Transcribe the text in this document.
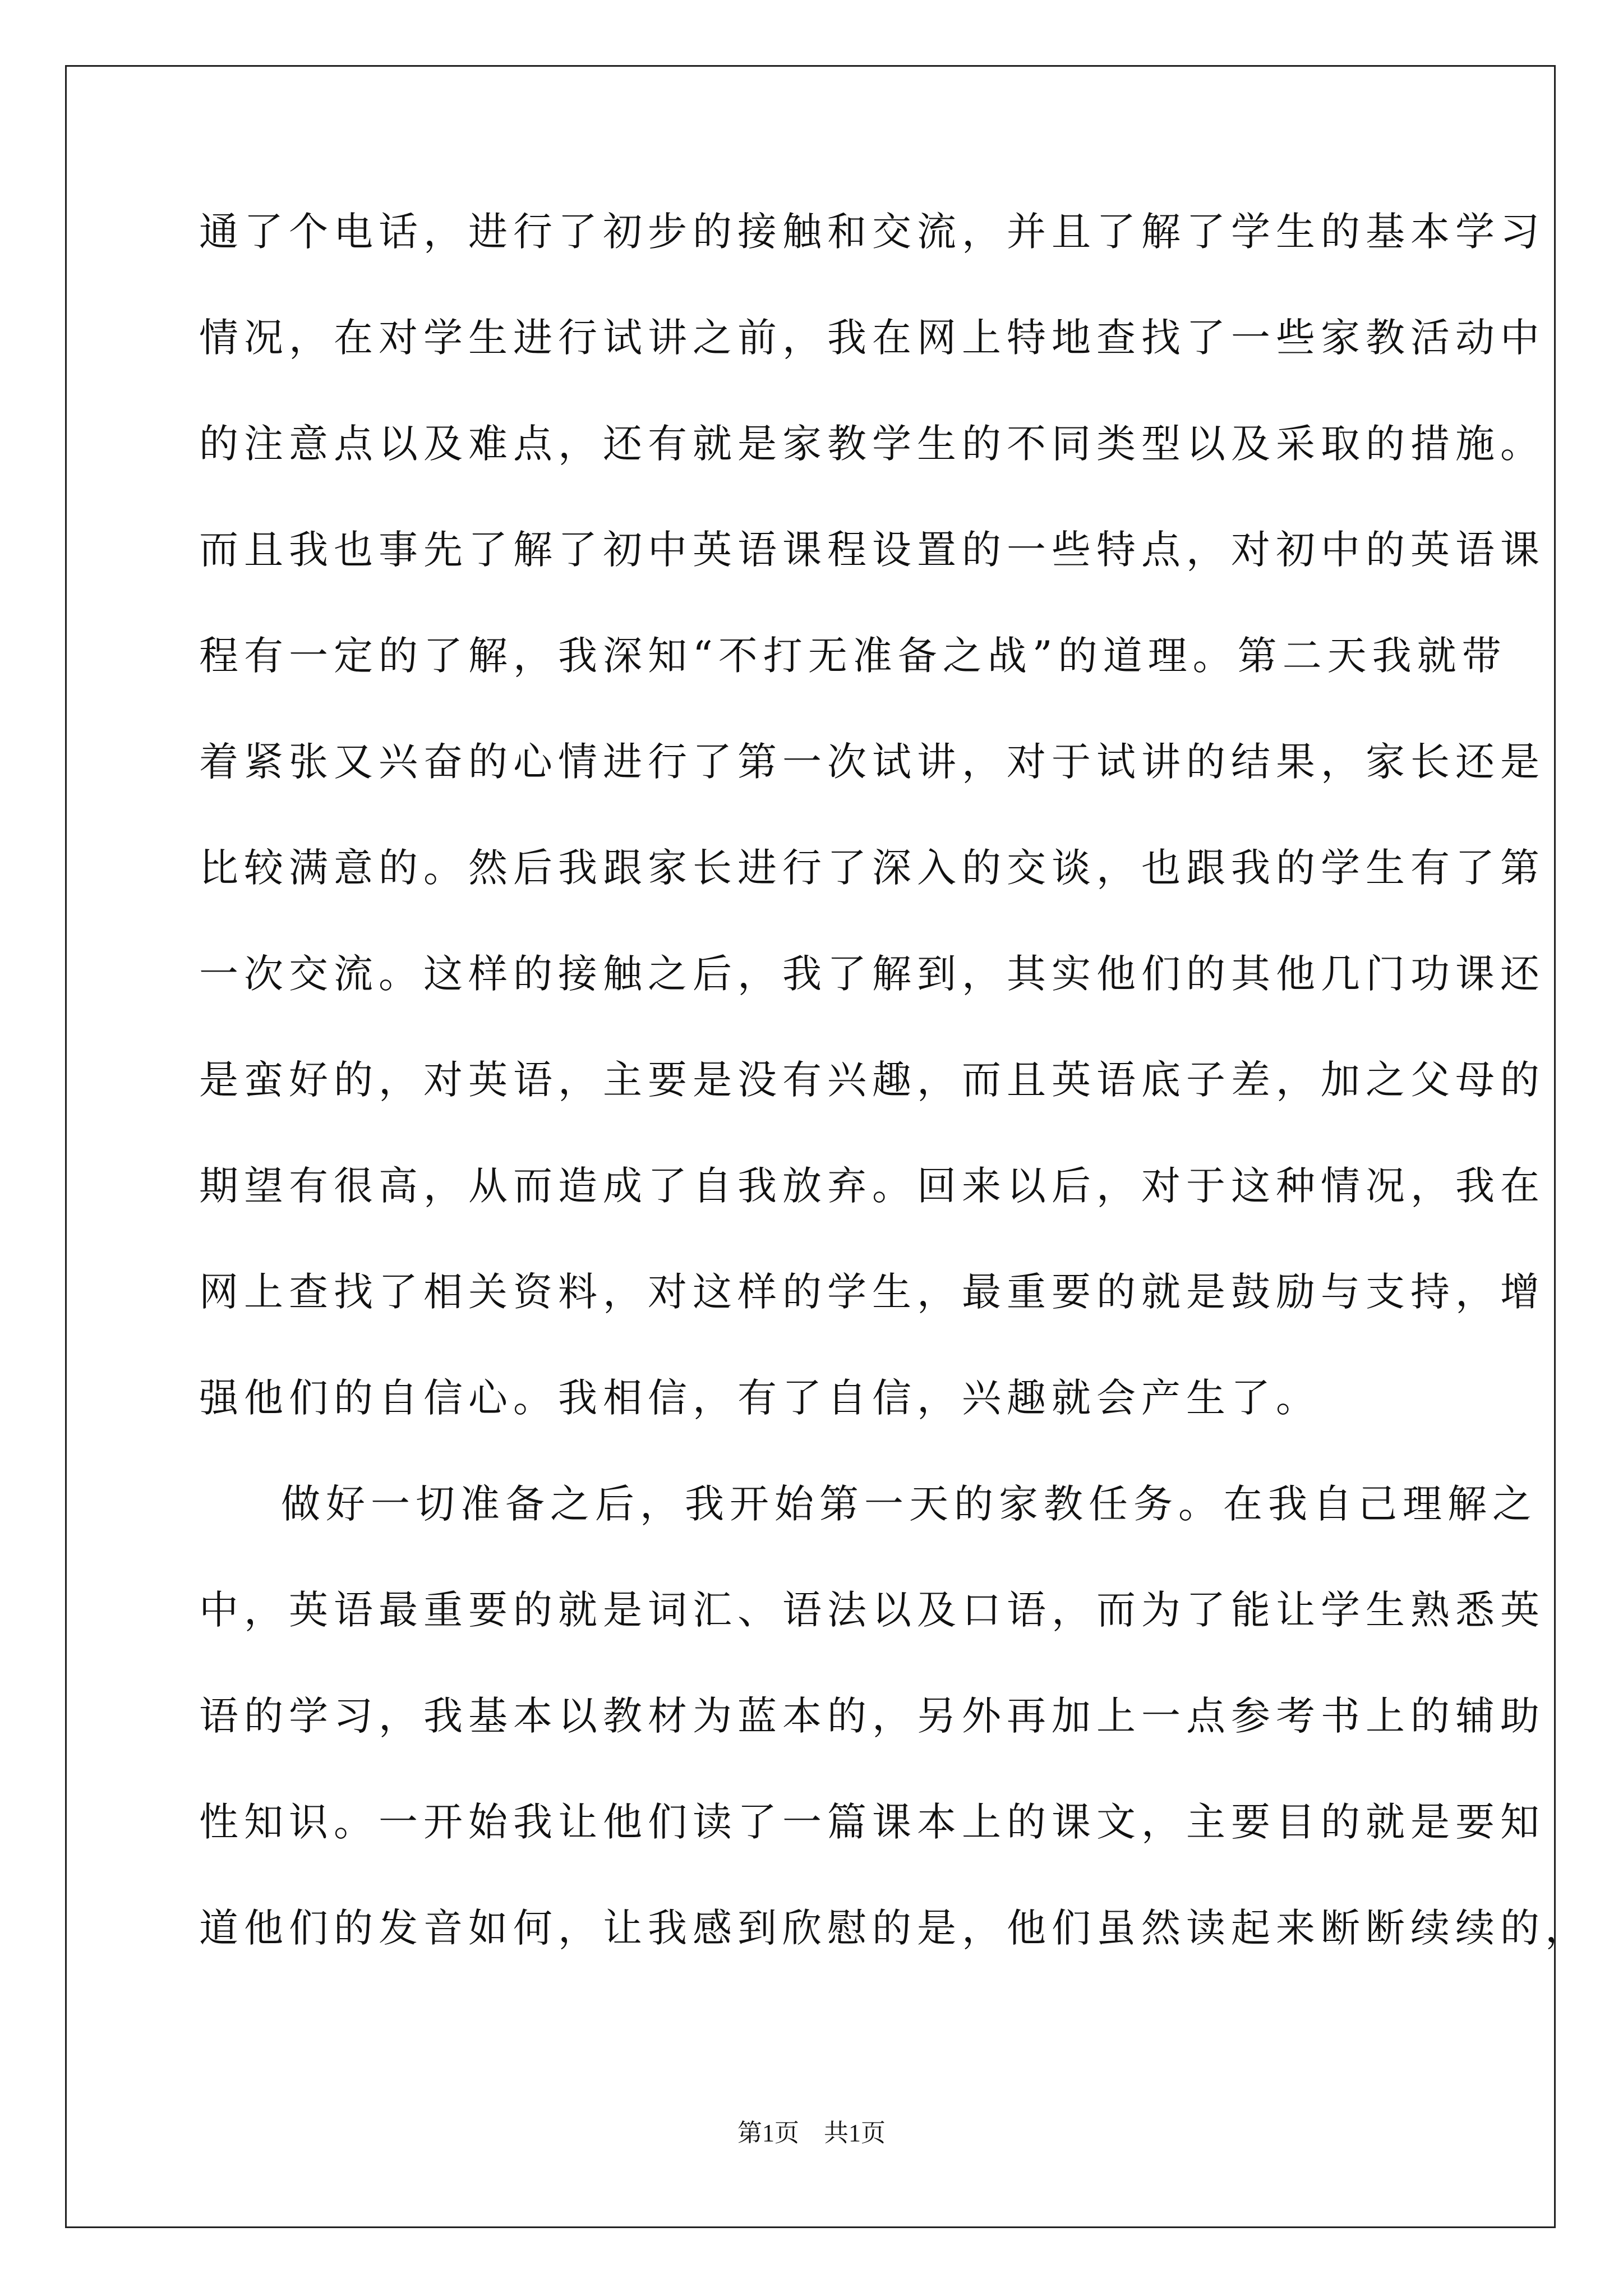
通了个电话，进行了初步的接触和交流，并且了解了学生的基本学习
情况，在对学生进行试讲之前，我在网上特地查找了一些家教活动中
的注意点以及难点，还有就是家教学生的不同类型以及采取的措施。
而且我也事先了解了初中英语课程设置的一些特点，对初中的英语课
程有一定的了解，我深知“不打无准备之战”的道理。第二天我就带
着紧张又兴奋的心情进行了第一次试讲，对于试讲的结果，家长还是
比较满意的。然后我跟家长进行了深入的交谈，也跟我的学生有了第
一次交流。这样的接触之后，我了解到，其实他们的其他几门功课还
是蛮好的，对英语，主要是没有兴趣，而且英语底子差，加之父母的
期望有很高，从而造成了自我放弃。回来以后，对于这种情况，我在
网上查找了相关资料，对这样的学生，最重要的就是鼓励与支持，增
强他们的自信心。我相信，有了自信，兴趣就会产生了。
做好一切准备之后，我开始第一天的家教任务。在我自己理解之
中，英语最重要的就是词汇、语法以及口语，而为了能让学生熟悉英
语的学习，我基本以教材为蓝本的，另外再加上一点参考书上的辅助
性知识。一开始我让他们读了一篇课本上的课文，主要目的就是要知
道他们的发音如何，让我感到欣慰的是，他们虽然读起来断断续续的，
第1页 共1页
